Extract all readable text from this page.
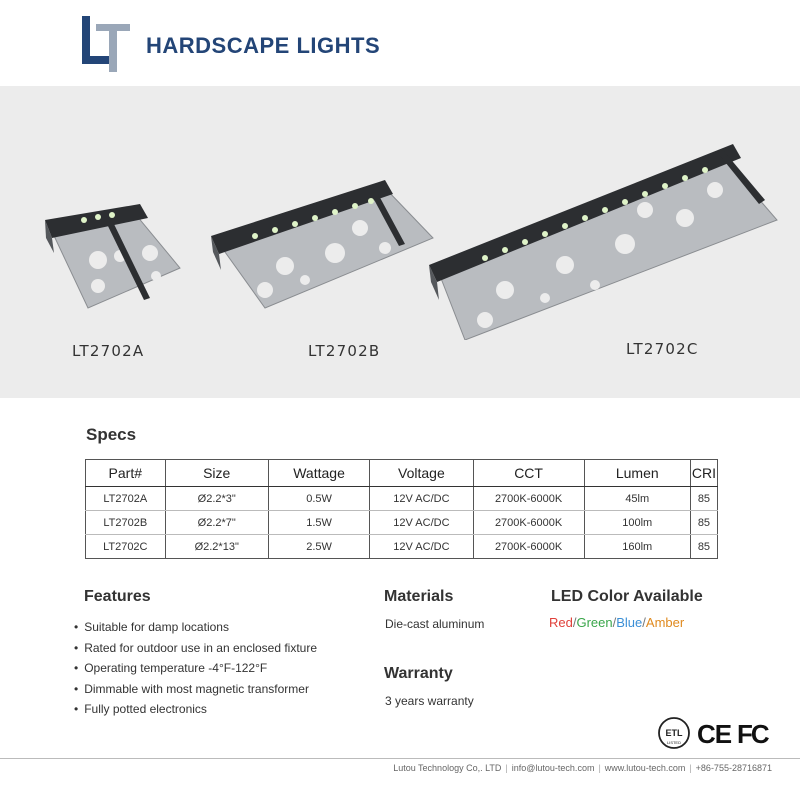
HARDSCAPE LIGHTS
LT2702A	LT2702B	LT2702C
Specs
Part#	Size	Wattage	Voltage	CCT	Lumen	CRI
LT2702A	Ø2.2*3"	0.5W	12V AC/DC	2700K-6000K	45lm	85
LT2702B	Ø2.2*7"	1.5W	12V AC/DC	2700K-6000K	100lm	85
LT2702C	Ø2.2*13"	2.5W	12V AC/DC	2700K-6000K	160lm	85
Features
• Suitable for damp locations
• Rated for outdoor use in an enclosed fixture
• Operating temperature -4°F-122°F
• Dimmable with most magnetic transformer
• Fully potted electronics
Materials
Die-cast aluminum
Warranty
3 years warranty
LED Color Available
Red/Green/Blue/Amber
ETL
LISTED CE FC
Lutou Technology Co,. LTD | info@lutou-tech.com | www.lutou-tech.com | +86-755-28716871
